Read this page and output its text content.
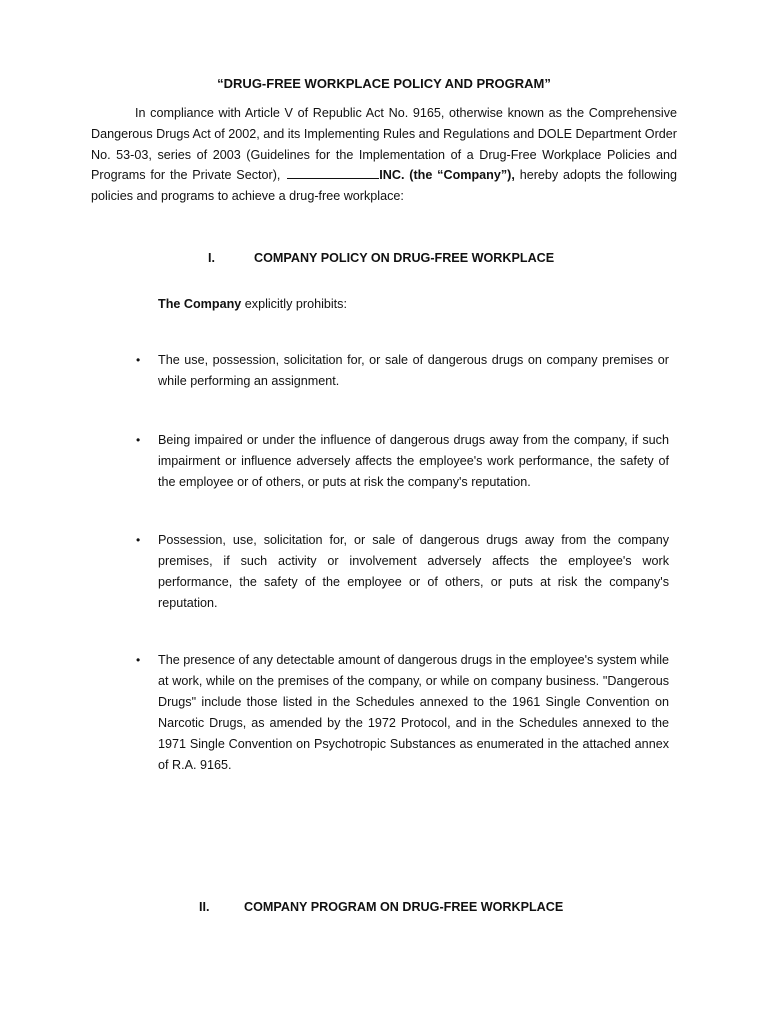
“DRUG-FREE WORKPLACE POLICY AND PROGRAM”

In compliance with Article V of Republic Act No. 9165, otherwise known as the Comprehensive Dangerous Drugs Act of 2002, and its Implementing Rules and Regulations and DOLE Department Order No. 53-03, series of 2003 (Guidelines for the Implementation of a Drug-Free Workplace Policies and Programs for the Private Sector),	INC. (the “Company”), hereby adopts the following policies and programs to achieve a drug-free workplace:

I.	COMPANY POLICY ON DRUG-FREE WORKPLACE

The Company explicitly prohibits:

• The use, possession, solicitation for, or sale of dangerous drugs on company premises or while performing an assignment.

• Being impaired or under the influence of dangerous drugs away from the company, if such impairment or influence adversely affects the employee's work performance, the safety of the employee or of others, or puts at risk the company's reputation.

• Possession, use, solicitation for, or sale of dangerous drugs away from the company premises, if such activity or involvement adversely affects the employee's work performance, the safety of the employee or of others, or puts at risk the company's reputation.

• The presence of any detectable amount of dangerous drugs in the employee's system while at work, while on the premises of the company, or while on company business. "Dangerous Drugs" include those listed in the Schedules annexed to the 1961 Single Convention on Narcotic Drugs, as amended by the 1972 Protocol, and in the Schedules annexed to the 1971 Single Convention on Psychotropic Substances as enumerated in the attached annex of R.A. 9165.

II.	COMPANY PROGRAM ON DRUG-FREE WORKPLACE
